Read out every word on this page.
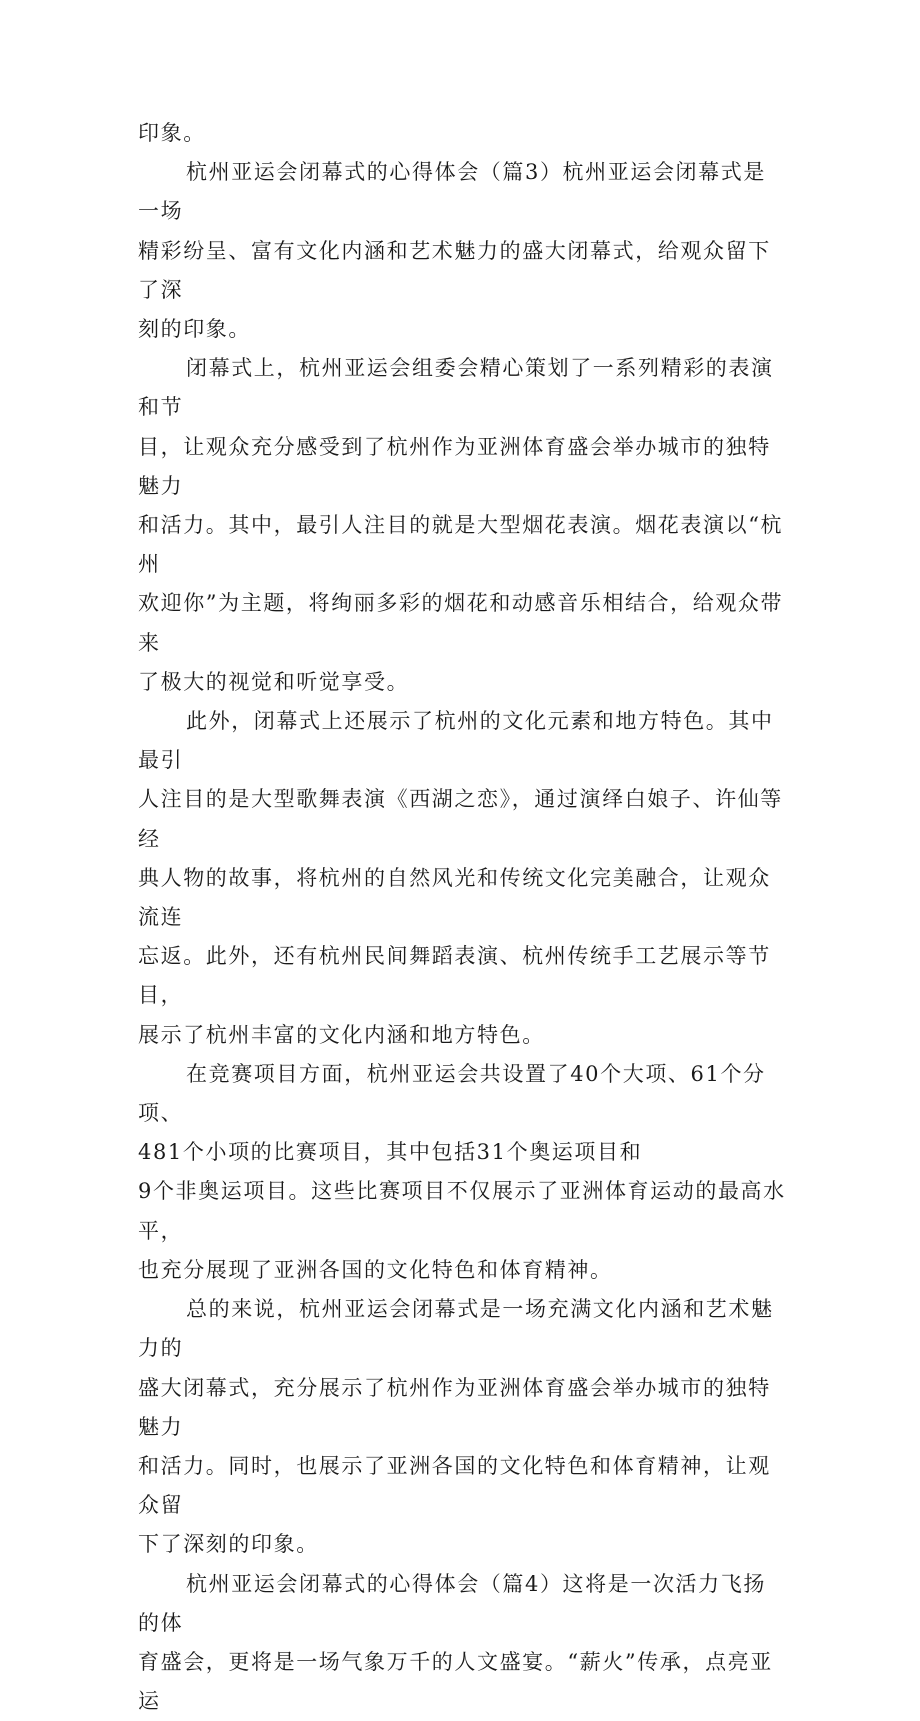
印象。

杭州亚运会闭幕式的心得体会（篇3）杭州亚运会闭幕式是一场
精彩纷呈、富有文化内涵和艺术魅力的盛大闭幕式，给观众留下了深
刻的印象。

闭幕式上，杭州亚运会组委会精心策划了一系列精彩的表演和节
目，让观众充分感受到了杭州作为亚洲体育盛会举办城市的独特魅力
和活力。其中，最引人注目的就是大型烟花表演。烟花表演以“杭州
欢迎你”为主题，将绚丽多彩的烟花和动感音乐相结合，给观众带来
了极大的视觉和听觉享受。

此外，闭幕式上还展示了杭州的文化元素和地方特色。其中最引
人注目的是大型歌舞表演《西湖之恋》，通过演绎白娘子、许仙等经
典人物的故事，将杭州的自然风光和传统文化完美融合，让观众流连
忘返。此外，还有杭州民间舞蹈表演、杭州传统手工艺展示等节目，
展示了杭州丰富的文化内涵和地方特色。

在竞赛项目方面，杭州亚运会共设置了40个大项、61个分项、
481个小项的比赛项目，其中包括31个奥运项目和
9个非奥运项目。这些比赛项目不仅展示了亚洲体育运动的最高水平，
也充分展现了亚洲各国的文化特色和体育精神。

总的来说，杭州亚运会闭幕式是一场充满文化内涵和艺术魅力的
盛大闭幕式，充分展示了杭州作为亚洲体育盛会举办城市的独特魅力
和活力。同时，也展示了亚洲各国的文化特色和体育精神，让观众留
下了深刻的印象。

杭州亚运会闭幕式的心得体会（篇4）这将是一次活力飞扬的体
育盛会，更将是一场气象万千的人文盛宴。“薪火”传承，点亮亚运
